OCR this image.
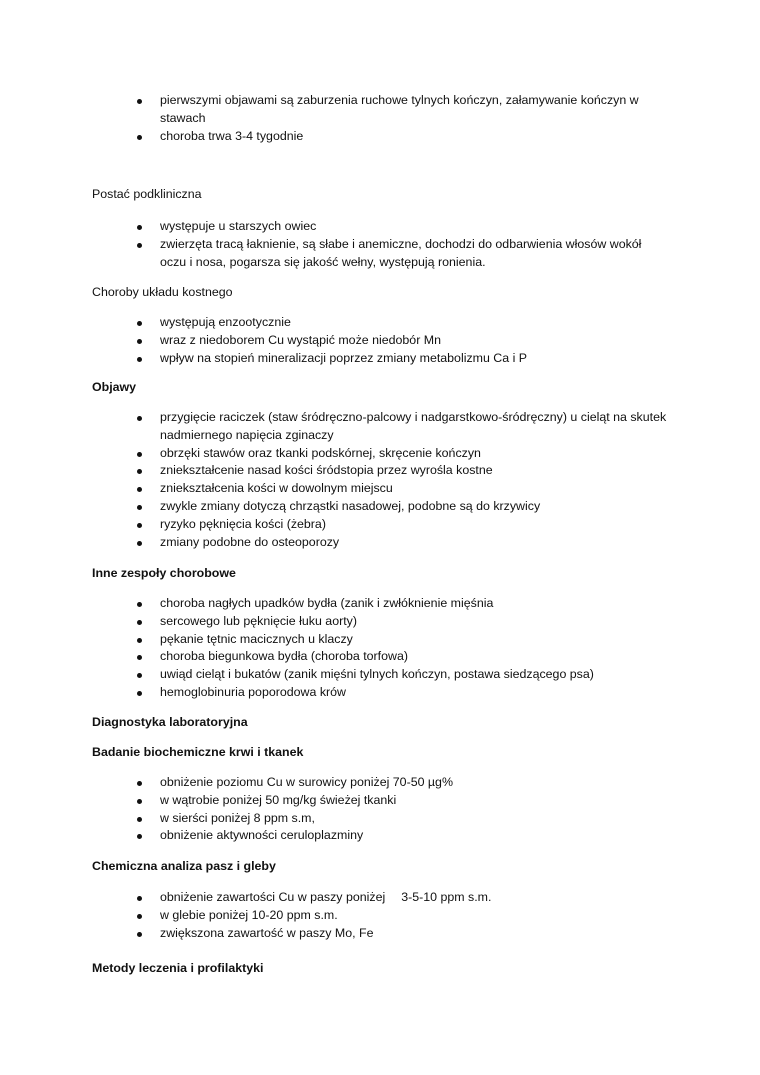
pierwszymi objawami są zaburzenia ruchowe tylnych kończyn, załamywanie kończyn w stawach
choroba trwa 3-4 tygodnie
Postać podkliniczna
występuje u starszych owiec
zwierzęta tracą łaknienie, są słabe i anemiczne, dochodzi do odbarwienia włosów wokół oczu i nosa, pogarsza się jakość wełny, występują ronienia.
Choroby układu kostnego
występują enzootycznie
wraz z niedoborem Cu wystąpić może niedobór Mn
wpływ na stopień mineralizacji poprzez zmiany metabolizmu Ca i P
Objawy
przygięcie raciczek (staw śródręczno-palcowy i nadgarstkowo-śródręczny) u cieląt na skutek nadmiernego napięcia zginaczy
obrzęki stawów oraz tkanki podskórnej, skręcenie kończyn
zniekształcenie nasad kości śródstopia przez wyrośla kostne
zniekształcenia kości w dowolnym miejscu
zwykle zmiany dotyczą chrząstki nasadowej, podobne są do krzywicy
ryzyko pęknięcia kości (żebra)
zmiany podobne do osteoporozy
Inne zespoły chorobowe
choroba nagłych upadków bydła (zanik i zwłóknienie mięśnia
sercowego lub pęknięcie łuku aorty)
pękanie tętnic macicznych u klaczy
choroba biegunkowa bydła (choroba torfowa)
uwiąd cieląt i bukatów (zanik mięśni tylnych kończyn, postawa siedzącego psa)
hemoglobinuria poporodowa krów
Diagnostyka laboratoryjna
Badanie biochemiczne krwi i tkanek
obniżenie poziomu Cu w surowicy poniżej 70-50 µg%
w wątrobie poniżej 50 mg/kg świeżej tkanki
w sierści poniżej 8 ppm s.m,
obniżenie aktywności ceruloplazminy
Chemiczna analiza pasz i gleby
obniżenie zawartości Cu w paszy poniżej 3-5-10 ppm s.m.
w glebie poniżej 10-20 ppm s.m.
zwiększona zawartość w paszy Mo, Fe
Metody leczenia i profilaktyki
